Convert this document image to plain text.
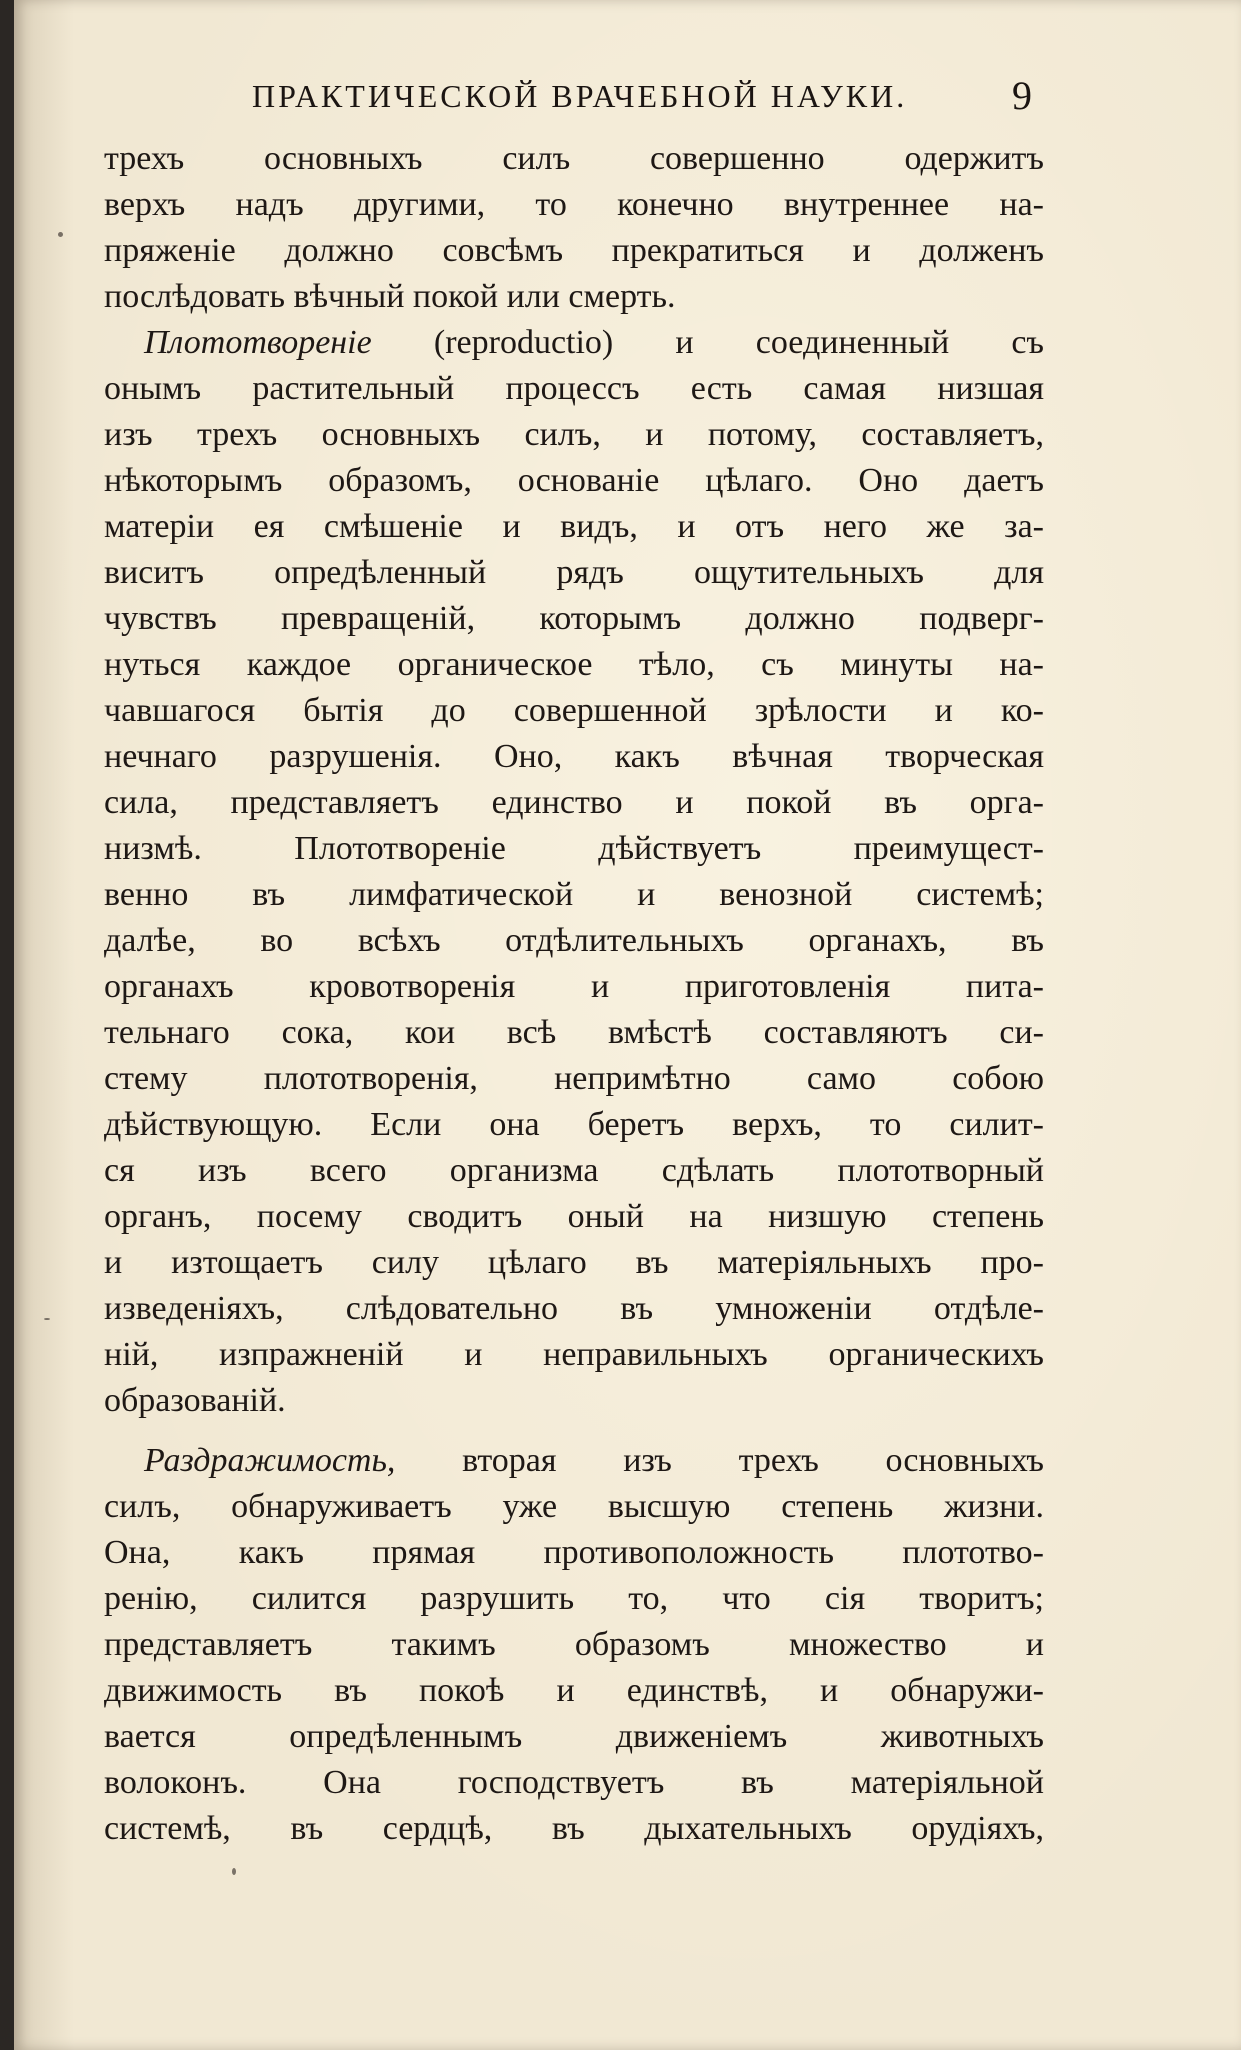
ПРАКТИЧЕСКОЙ ВРАЧЕБНОЙ НАУКИ.	9
трехъ основныхъ силъ совершенно одержитъ
верхъ надъ другими, то конечно внутреннее на-
пряженіе должно совсѣмъ прекратиться и долженъ
послѣдовать вѣчный покой или смерть.
Плототвореніе (reproductio) и соединенный съ
онымъ растительный процессъ есть самая низшая
изъ трехъ основныхъ силъ, и потому, составляетъ,
нѣкоторымъ образомъ, основаніе цѣлаго. Оно даетъ
матеріи ея смѣшеніе и видъ, и отъ него же за-
виситъ опредѣленный рядъ ощутительныхъ для
чувствъ превращеній, которымъ должно подверг-
нуться каждое органическое тѣло, съ минуты на-
чавшагося бытія до совершенной зрѣлости и ко-
нечнаго разрушенія. Оно, какъ вѣчная творческая
сила, представляетъ единство и покой въ орга-
низмѣ. Плототвореніе дѣйствуетъ преимущест-
венно въ лимфатической и венозной системѣ;
далѣе, во всѣхъ отдѣлительныхъ органахъ, въ
органахъ кровотворенія и приготовленія пита-
тельнаго сока, кои всѣ вмѣстѣ составляютъ си-
стему плототворенія, непримѣтно само собою
дѣйствующую. Если она беретъ верхъ, то силит-
ся изъ всего организма сдѣлать плототворный
органъ, посему сводитъ оный на низшую степень
и изтощаетъ силу цѣлаго въ матеріяльныхъ про-
изведеніяхъ, слѣдовательно въ умноженіи отдѣле-
ній, изпражненій и неправильныхъ органическихъ
образованій.
Раздражимость, вторая изъ трехъ основныхъ
силъ, обнаруживаетъ уже высшую степень жизни.
Она, какъ прямая противоположность плототво-
ренію, силится разрушить то, что сія творитъ;
представляетъ такимъ образомъ множество и
движимость въ покоѣ и единствѣ, и обнаружи-
вается опредѣленнымъ движеніемъ животныхъ
волоконъ. Она господствуетъ въ матеріяльной
системѣ, въ сердцѣ, въ дыхательныхъ орудіяхъ,
